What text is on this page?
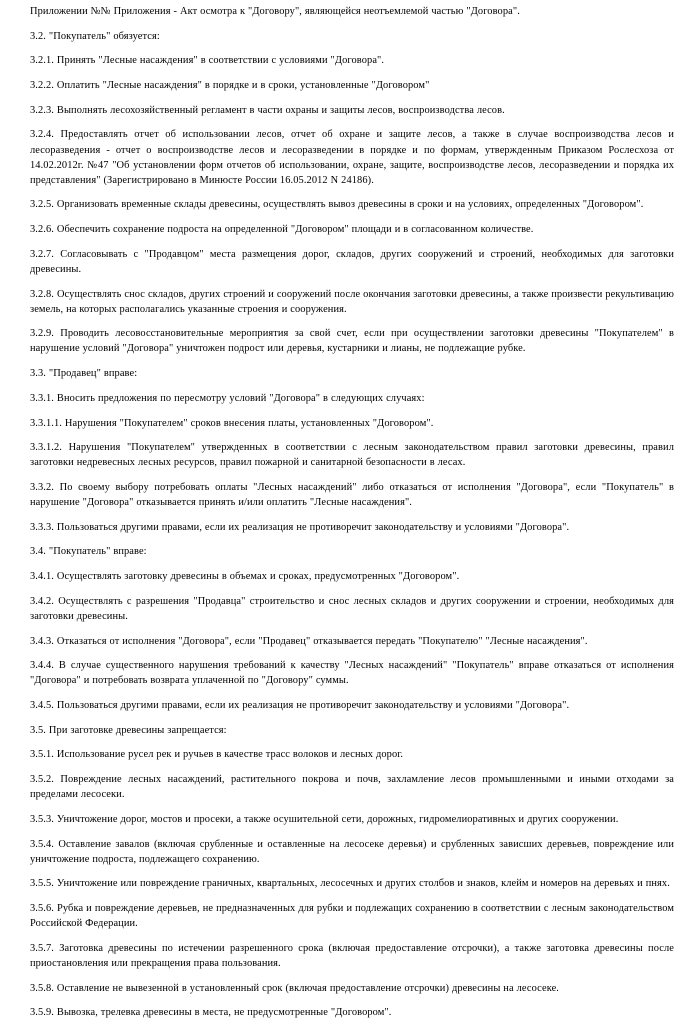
Приложении №№ Приложения - Акт осмотра к "Договору", являющейся неотъемлемой частью "Договора".

3.2. "Покупатель" обязуется:

3.2.1. Принять "Лесные насаждения" в соответствии с условиями "Договора".

3.2.2. Оплатить "Лесные насаждения" в порядке и в сроки, установленные "Договором"

3.2.3. Выполнять лесохозяйственный регламент в части охраны и защиты лесов, воспроизводства лесов.

3.2.4. Предоставлять отчет об использовании лесов, отчет об охране и защите лесов, а также в случае воспроизводства лесов и лесоразведения - отчет о воспроизводстве лесов и лесоразведении в порядке и по формам, утвержденным Приказом Рослесхоза от 14.02.2012г. №47 "Об установлении форм отчетов об использовании, охране, защите, воспроизводстве лесов, лесоразведении и порядка их представления" (Зарегистрировано в Минюсте России 16.05.2012 N 24186).

3.2.5. Организовать временные склады древесины, осуществлять вывоз древесины в сроки и на условиях, определенных "Договором".

3.2.6. Обеспечить сохранение подроста на определенной "Договором" площади и в согласованном количестве.

3.2.7. Согласовывать с "Продавцом" места размещения дорог, складов, других сооружений и строений, необходимых для заготовки древесины.

3.2.8. Осуществлять снос складов, других строений и сооружений после окончания заготовки древесины, а также произвести рекультивацию земель, на которых располагались указанные строения и сооружения.

3.2.9. Проводить лесовосстановительные мероприятия за свой счет, если при осуществлении заготовки древесины "Покупателем" в нарушение условий "Договора" уничтожен подрост или деревья, кустарники и лианы, не подлежащие рубке.

3.3. "Продавец" вправе:

3.3.1. Вносить предложения по пересмотру условий "Договора" в следующих случаях:

3.3.1.1. Нарушения "Покупателем" сроков внесения платы, установленных "Договором".

3.3.1.2. Нарушения "Покупателем" утвержденных в соответствии с лесным законодательством правил заготовки древесины, правил заготовки недревесных лесных ресурсов, правил пожарной и санитарной безопасности в лесах.

3.3.2. По своему выбору потребовать оплаты "Лесных насаждений" либо отказаться от исполнения "Договора", если "Покупатель" в нарушение "Договора" отказывается принять и/или оплатить "Лесные насаждения".

3.3.3. Пользоваться другими правами, если их реализация не противоречит законодательству и условиями "Договора".

3.4. "Покупатель" вправе:

3.4.1. Осуществлять заготовку древесины в объемах и сроках, предусмотренных "Договором".

3.4.2. Осуществлять с разрешения "Продавца" строительство и снос лесных складов и других сооружении и строении, необходимых для заготовки древесины.

3.4.3. Отказаться от исполнения "Договора", если "Продавец" отказывается передать "Покупателю" "Лесные насаждения".

3.4.4. В случае существенного нарушения требований к качеству "Лесных насаждений" "Покупатель" вправе отказаться от исполнения "Договора" и потребовать возврата уплаченной по "Договору" суммы.

3.4.5. Пользоваться другими правами, если их реализация не противоречит законодательству и условиями "Договора".

3.5. При заготовке древесины запрещается:

3.5.1. Использование русел рек и ручьев в качестве трасс волоков и лесных дорог.

3.5.2. Повреждение лесных насаждений, растительного покрова и почв, захламление лесов промышленными и иными отходами за пределами лесосеки.

3.5.3. Уничтожение дорог, мостов и просеки, а также осушительной сети, дорожных, гидромелиоративных и других сооружении.

3.5.4. Оставление завалов (включая срубленные и оставленные на лесосеке деревья) и срубленных зависших деревьев, повреждение или уничтожение подроста, подлежащего сохранению.

3.5.5. Уничтожение или повреждение граничных, квартальных, лесосечных и других столбов и знаков, клейм и номеров на деревьях и пнях.

3.5.6. Рубка и повреждение деревьев, не предназначенных для рубки и подлежащих сохранению в соответствии с лесным законодательством Российской Федерации.

3.5.7. Заготовка древесины по истечении разрешенного срока (включая предоставление отсрочки), а также заготовка древесины после приостановления или прекращения права пользования.

3.5.8. Оставление не вывезенной в установленный срок (включая предоставление отсрочки) древесины на лесосеке.

3.5.9. Вывозка, трелевка древесины в места, не предусмотренные "Договором".
